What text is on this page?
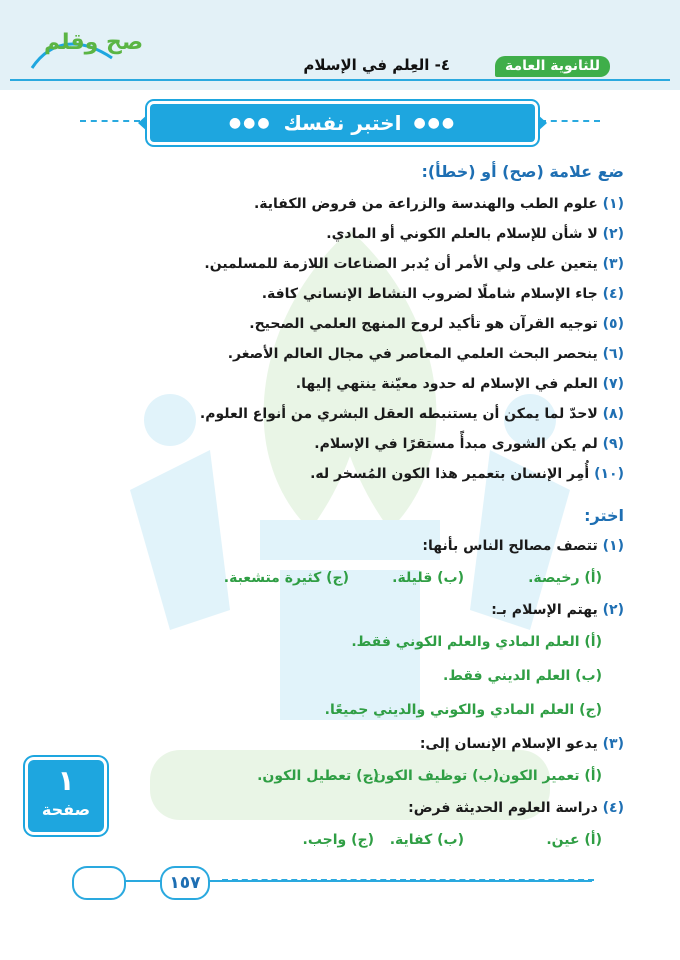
صح وقلم
للثانوية العامة
٤- العِلم في الإسلام
●●●
اختبر نفسك
●●●
ضع علامة (صح) أو (خطأ):
(١) علوم الطب والهندسة والزراعة من فروض الكفاية.
(٢) لا شأن للإسلام بالعلم الكوني أو المادي.
(٣) يتعين على ولي الأمر أن يُدبر الصناعات اللازمة للمسلمين.
(٤) جاء الإسلام شاملًا لضروب النشاط الإنساني كافة.
(٥) توجيه القرآن هو تأكيد لروح المنهج العلمي الصحيح.
(٦) ينحصر البحث العلمي المعاصر في مجال العالم الأصغر.
(٧) العلم في الإسلام له حدود معيّنة ينتهي إليها.
(٨) لاحدّ لما يمكن أن يستنبطه العقل البشري من أنواع العلوم.
(٩) لم يكن الشورى مبدأً مستقرًا في الإسلام.
(١٠) أُمِر الإنسان بتعمير هذا الكون المُسخر له.
اختر:
(١) تتصف مصالح الناس بأنها:
(أ) رخيصة.
(ب) قليلة.
(ج) كثيرة متشعبة.
(٢) يهتم الإسلام بـ:
(أ) العلم المادي والعلم الكوني فقط.
(ب) العلم الديني فقط.
(ج) العلم المادي والكوني والديني جميعًا.
(٣) يدعو الإسلام الإنسان إلى:
(أ) تعمير الكون.
(ب) توظيف الكون.
(ج) تعطيل الكون.
(٤) دراسة العلوم الحديثة فرض:
(أ) عين.
(ب) كفاية.
(ج) واجب.
١
صفحة
١٥٧
